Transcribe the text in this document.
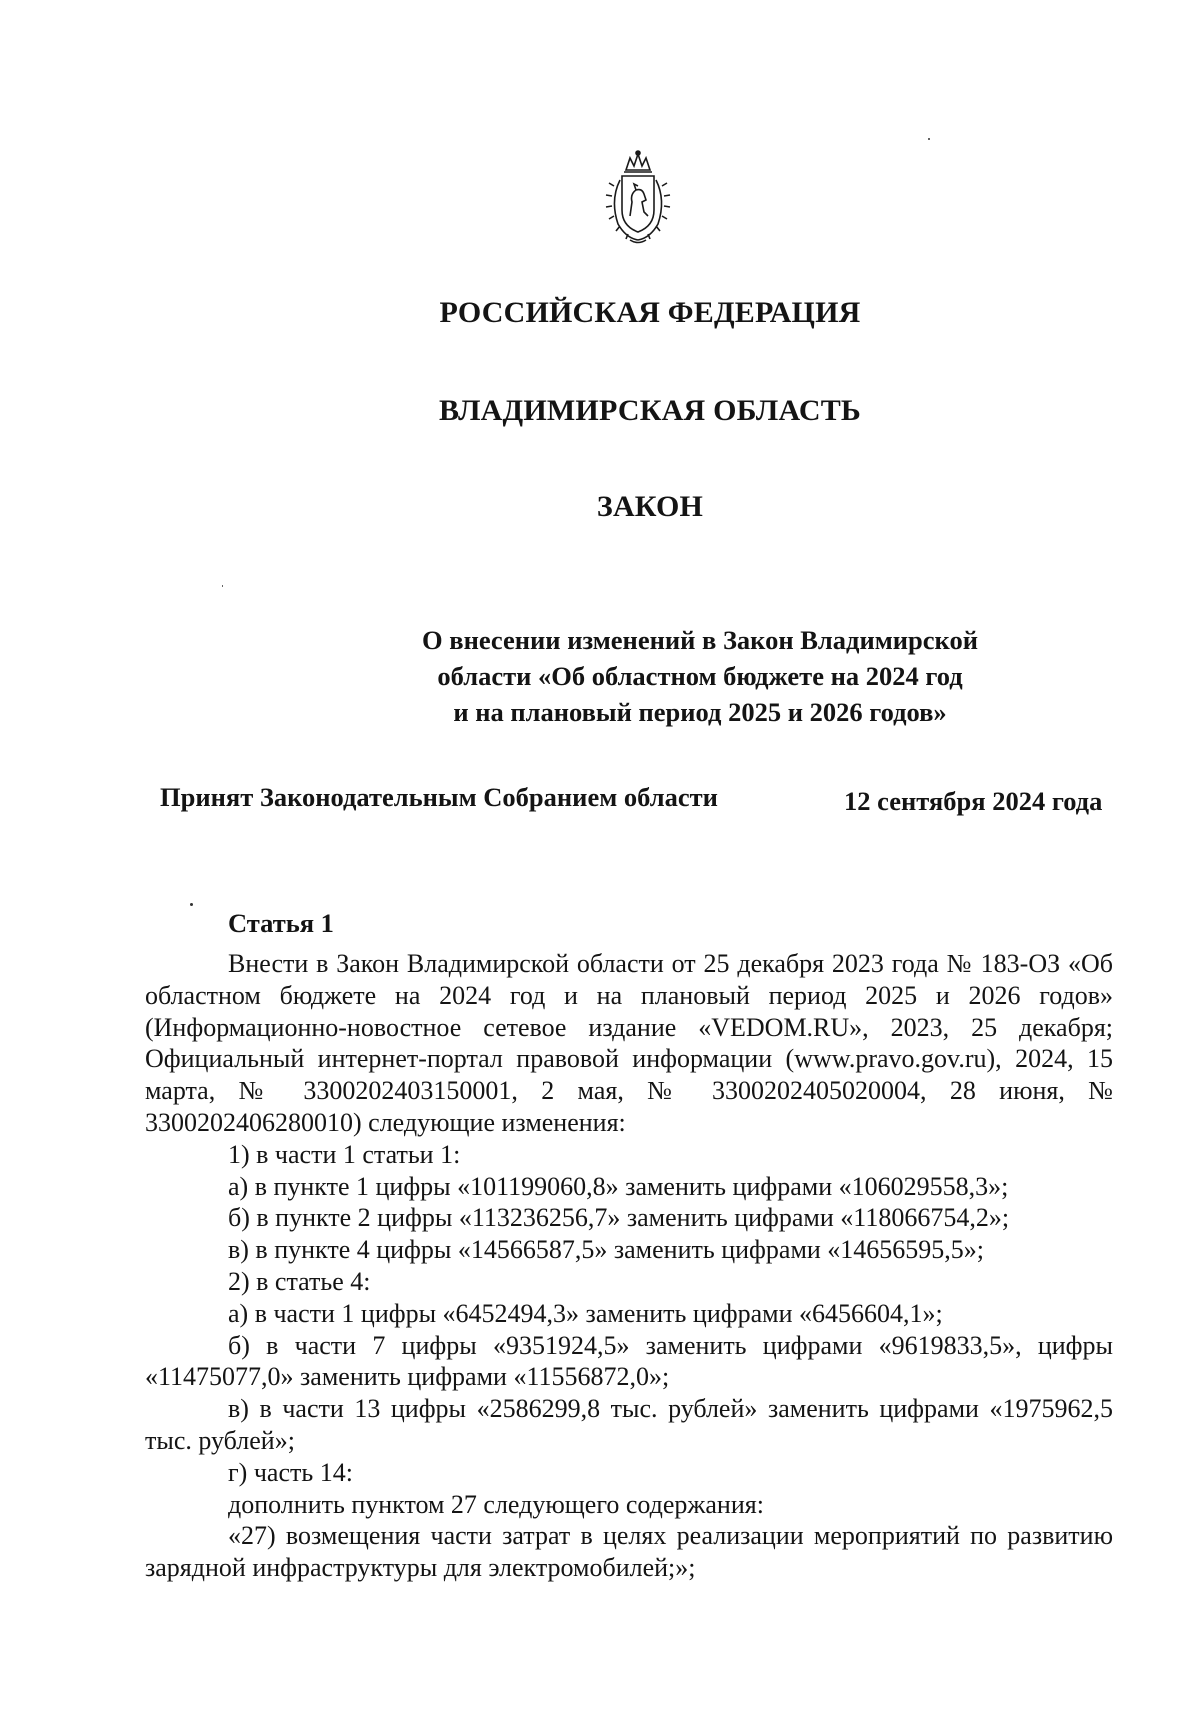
РОССИЙСКАЯ ФЕДЕРАЦИЯ
ВЛАДИМИРСКАЯ ОБЛАСТЬ
ЗАКОН
О внесении изменений в Закон Владимирской
области «Об областном бюджете на 2024 год
и на плановый период 2025 и 2026 годов»
Принят Законодательным Собранием области	12 сентября 2024 года
Статья 1

Внести в Закон Владимирской области от 25 декабря 2023 года № 183-ОЗ «Об областном бюджете на 2024 год и на плановый период 2025 и 2026 годов» (Информационно-новостное сетевое издание «VEDOM.RU», 2023, 25 декабря; Официальный интернет-портал правовой информации (www.pravo.gov.ru), 2024, 15 марта, № 3300202403150001, 2 мая, № 3300202405020004, 28 июня, № 3300202406280010) следующие изменения:

1) в части 1 статьи 1:

а) в пункте 1 цифры «101199060,8» заменить цифрами «106029558,3»;

б) в пункте 2 цифры «113236256,7» заменить цифрами «118066754,2»;

в) в пункте 4 цифры «14566587,5» заменить цифрами «14656595,5»;

2) в статье 4:

а) в части 1 цифры «6452494,3» заменить цифрами «6456604,1»;

б) в части 7 цифры «9351924,5» заменить цифрами «9619833,5», цифры «11475077,0» заменить цифрами «11556872,0»;

в) в части 13 цифры «2586299,8 тыс. рублей» заменить цифрами «1975962,5 тыс. рублей»;

г) часть 14:

дополнить пунктом 27 следующего содержания:

«27) возмещения части затрат в целях реализации мероприятий по развитию зарядной инфраструктуры для электромобилей;»;
